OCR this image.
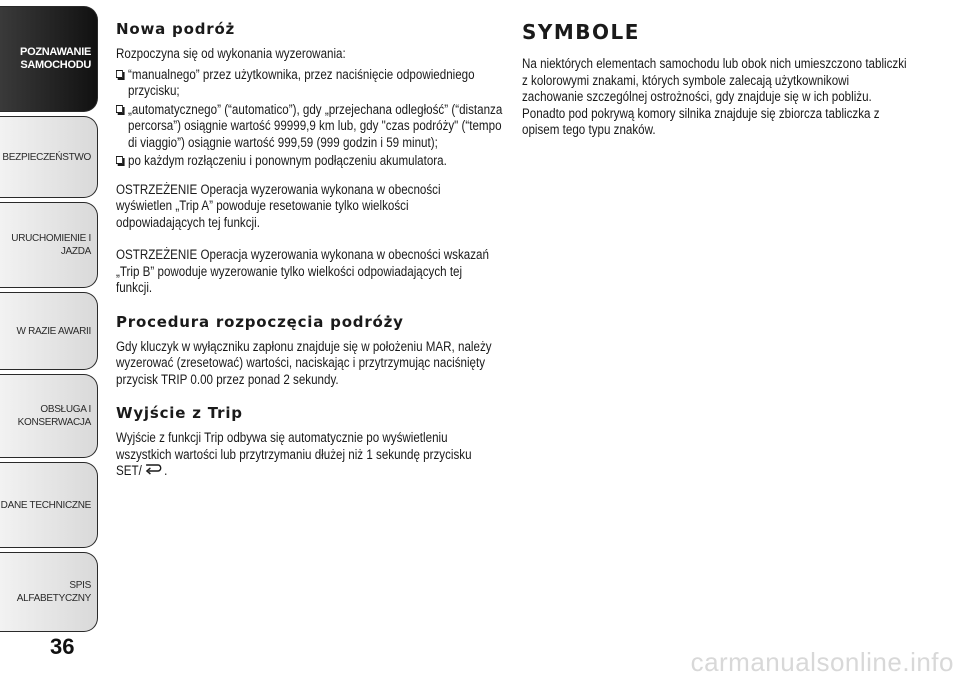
POZNAWANIE
SAMOCHODU
BEZPIECZEŃSTWO
URUCHOMIENIE I
JAZDA
W RAZIE AWARII
OBSŁUGA I
KONSERWACJA
DANE TECHNICZNE
SPIS ALFABETYCZNY
36
Nowa podróż

Rozpoczyna się od wykonania wyzerowania:

“manualnego” przez użytkownika, przez naciśnięcie odpowiedniego przycisku;
„automatycznego” (“automatico”), gdy „przejechana odległość” (“distanza percorsa”) osiągnie wartość 99999,9 km lub, gdy "czas podróży" (“tempo di viaggio”) osiągnie wartość 999,59 (999 godzin i 59 minut);
po każdym rozłączeniu i ponownym podłączeniu akumulatora.

OSTRZEŻENIE Operacja wyzerowania wykonana w obecności wyświetlen „Trip A” powoduje resetowanie tylko wielkości odpowiadających tej funkcji.

OSTRZEŻENIE Operacja wyzerowania wykonana w obecności wskazań „Trip B” powoduje wyzerowanie tylko wielkości odpowiadających tej funkcji.

Procedura rozpoczęcia podróży

Gdy kluczyk w wyłączniku zapłonu znajduje się w położeniu MAR, należy wyzerować (zresetować) wartości, naciskając i przytrzymując naciśnięty przycisk TRIP 0.00 przez ponad 2 sekundy.

Wyjście z Trip

Wyjście z funkcji Trip odbywa się automatycznie po wyświetleniu wszystkich wartości lub przytrzymaniu dłużej niż 1 sekundę przycisku SET/ .

SYMBOLE

Na niektórych elementach samochodu lub obok nich umieszczono tabliczki z kolorowymi znakami, których symbole zalecają użytkownikowi zachowanie szczególnej ostrożności, gdy znajduje się w ich pobliżu. Ponadto pod pokrywą komory silnika znajduje się zbiorcza tabliczka z opisem tego typu znaków.

carmanualsonline.info
